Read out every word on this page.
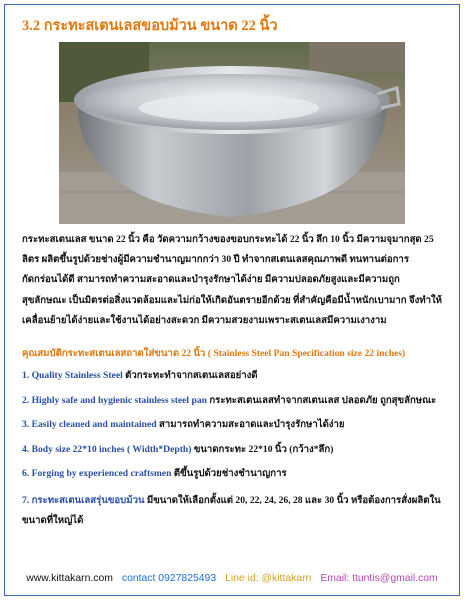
3.2 กระทะสเตนเลสขอบม้วน ขนาด 22 นิ้ว

กระทะสเตนเลส ขนาด 22 นิ้ว คือ วัดความกว้างของขอบกระทะได้ 22 นิ้ว ลึก 10 นิ้ว มีความจุมากสุด 25 ลิตร ผลิตขึ้นรูปด้วยช่างผู้มีความชำนาญมากกว่า 30 ปี ทำจากสเตนเลสคุณภาพดี ทนทานต่อการกัดกร่อนได้ดี สามารถทำความสะอาดและบำรุงรักษาได้ง่าย มีความปลอดภัยสูงและมีความถูกสุขลักษณะ เป็นมิตรต่อสิ่งแวดล้อมและไม่ก่อให้เกิดอันตรายอีกด้วย ที่สำคัญคือมีน้ำหนักเบามาก จึงทำให้เคลื่อนย้ายได้ง่ายและใช้งานได้อย่างสะดวก มีความสวยงามเพราะสเตนเลสมีความเงางาม

คุณสมบัติกระทะสเตนเลสถาดใส่ขนาด 22 นิ้ว ( Stainless Steel Pan Specification size 22 inches)
1. Quality Stainless Steel ตัวกระทะทำจากสเตนเลสอย่างดี
2. Highly safe and hygienic stainless steel pan กระทะสเตนเลสทำจากสเตนเลส ปลอดภัย ถูกสุขลักษณะ
3. Easily cleaned and maintained สามารถทำความสะอาดและบำรุงรักษาได้ง่าย
4. Body size 22*10 inches ( Width*Depth) ขนาดกระทะ 22*10 นิ้ว (กว้าง*ลึก)
6. Forging by experienced craftsmen ตีขึ้นรูปด้วยช่างชำนาญการ
7. กระทะสเตนเลสรุ่นขอบม้วน มีขนาดให้เลือกตั้งแต่ 20, 22, 24, 26, 28 และ 30 นิ้ว หรือต้องการสั่งผลิตในขนาดที่ใหญ่ได้
www.kittakarn.com contact 0927825493 Line id: @kittakarn Email: ttuntis@gmail.com
